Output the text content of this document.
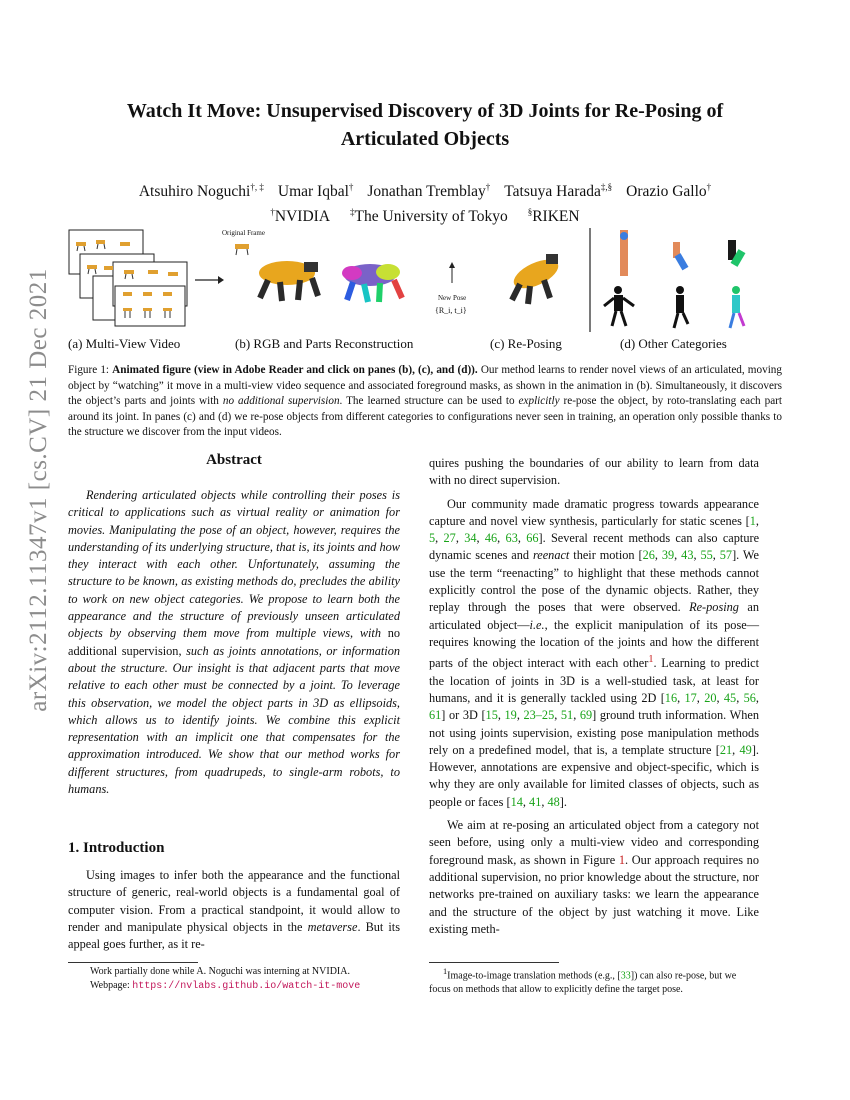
arXiv:2112.11347v1 [cs.CV] 21 Dec 2021
Watch It Move: Unsupervised Discovery of 3D Joints for Re-Posing of
Articulated Objects
Atsuhiro Noguchi†, ‡ Umar Iqbal† Jonathan Tremblay† Tatsuya Harada‡,§ Orazio Gallo†
†NVIDIA ‡The University of Tokyo §RIKEN
Original Frame
New Pose
{R_i, t_i}
(a) Multi-View Video	(b) RGB and Parts Reconstruction	(c) Re-Posing	(d) Other Categories
Figure 1: Animated figure (view in Adobe Reader and click on panes (b), (c), and (d)). Our method learns to render novel views of an articulated, moving object by “watching” it move in a multi-view video sequence and associated foreground masks, as shown in the animation in (b). Simultaneously, it discovers the object’s parts and joints with no additional supervision. The learned structure can be used to explicitly re-pose the object, by roto-translating each part around its joint. In panes (c) and (d) we re-pose objects from different categories to configurations never seen in training, an operation only possible thanks to the structure we discover from the input videos.
Abstract

Rendering articulated objects while controlling their poses is critical to applications such as virtual reality or animation for movies. Manipulating the pose of an object, however, requires the understanding of its underlying structure, that is, its joints and how they interact with each other. Unfortunately, assuming the structure to be known, as existing methods do, precludes the ability to work on new object categories. We propose to learn both the appearance and the structure of previously unseen articulated objects by observing them move from multiple views, with no additional supervision, such as joints annotations, or information about the structure. Our insight is that adjacent parts that move relative to each other must be connected by a joint. To leverage this observation, we model the object parts in 3D as ellipsoids, which allows us to identify joints. We combine this explicit representation with an implicit one that compensates for the approximation introduced. We show that our method works for different structures, from quadrupeds, to single-arm robots, to humans.

1. Introduction

Using images to infer both the appearance and the functional structure of generic, real-world objects is a fundamental goal of computer vision. From a practical standpoint, it would allow to render and manipulate physical objects in the metaverse. But its appeal goes further, as it re-

quires pushing the boundaries of our ability to learn from data with no direct supervision.

Our community made dramatic progress towards appearance capture and novel view synthesis, particularly for static scenes [1, 5, 27, 34, 46, 63, 66]. Several recent methods can also capture dynamic scenes and reenact their motion [26, 39, 43, 55, 57]. We use the term “reenacting” to highlight that these methods cannot explicitly control the pose of the dynamic objects. Rather, they replay through the poses that were observed. Re-posing an articulated object—i.e., the explicit manipulation of its pose—requires knowing the location of the joints and how the different parts of the object interact with each other$^1$. Learning to predict the location of joints in 3D is a well-studied task, at least for humans, and it is generally tackled using 2D [16, 17, 20, 45, 56, 61] or 3D [15, 19, 23–25, 51, 69] ground truth information. When not using joints supervision, existing pose manipulation methods rely on a predefined model, that is, a template structure [21, 49]. However, annotations are expensive and object-specific, which is why they are only available for limited classes of objects, such as people or faces [14, 41, 48].

We aim at re-posing an articulated object from a category not seen before, using only a multi-view video and corresponding foreground mask, as shown in Figure 1. Our approach requires no additional supervision, no prior knowledge about the structure, nor networks pre-trained on auxiliary tasks: we learn the appearance and the structure of the object by just watching it move. Like existing meth-

Work partially done while A. Noguchi was interning at NVIDIA.
Webpage: https://nvlabs.github.io/watch-it-move
$^1$Image-to-image translation methods (e.g., [33]) can also re-pose, but we focus on methods that allow to explicitly define the target pose.
